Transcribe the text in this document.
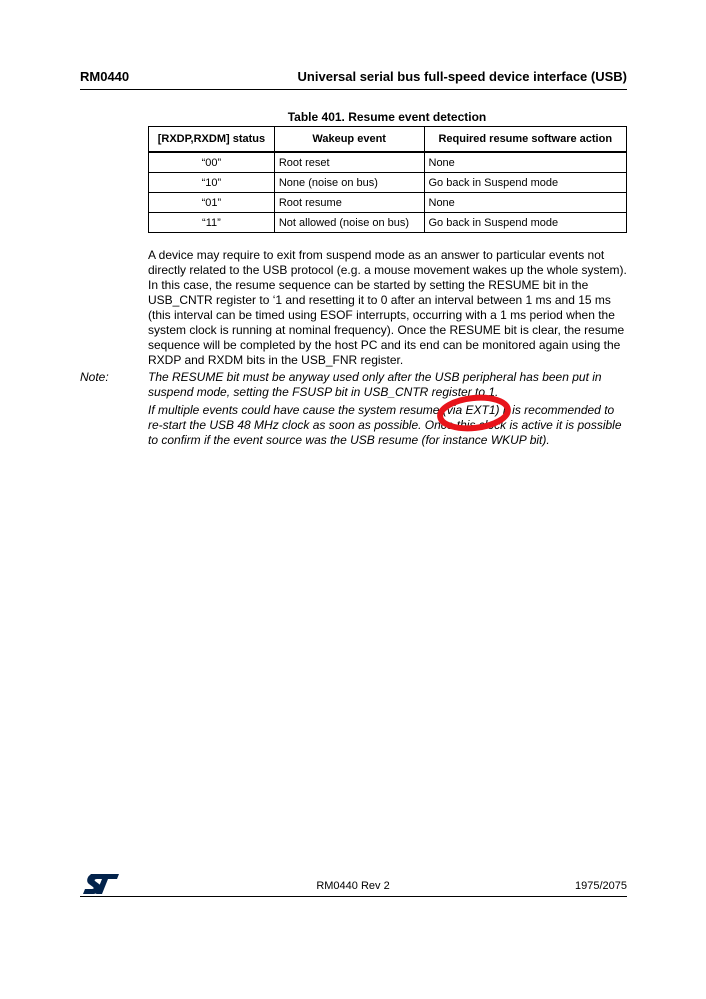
RM0440	Universal serial bus full-speed device interface (USB)
Table 401. Resume event detection
[RXDP,RXDM] status	Wakeup event	Required resume software action
“00”	Root reset	None
“10”	None (noise on bus)	Go back in Suspend mode
“01”	Root resume	None
“11”	Not allowed (noise on bus)	Go back in Suspend mode
A device may require to exit from suspend mode as an answer to particular events not directly related to the USB protocol (e.g. a mouse movement wakes up the whole system). In this case, the resume sequence can be started by setting the RESUME bit in the USB_CNTR register to ‘1 and resetting it to 0 after an interval between 1 ms and 15 ms (this interval can be timed using ESOF interrupts, occurring with a 1 ms period when the system clock is running at nominal frequency). Once the RESUME bit is clear, the resume sequence will be completed by the host PC and its end can be monitored again using the RXDP and RXDM bits in the USB_FNR register.
Note:	The RESUME bit must be anyway used only after the USB peripheral has been put in suspend mode, setting the FSUSP bit in USB_CNTR register to 1.
If multiple events could have cause the system resume (via EXT1) it is recommended to re-start the USB 48 MHz clock as soon as possible. Once this clock is active it is possible to confirm if the event source was the USB resume (for instance WKUP bit).
RM0440 Rev 2	1975/2075
